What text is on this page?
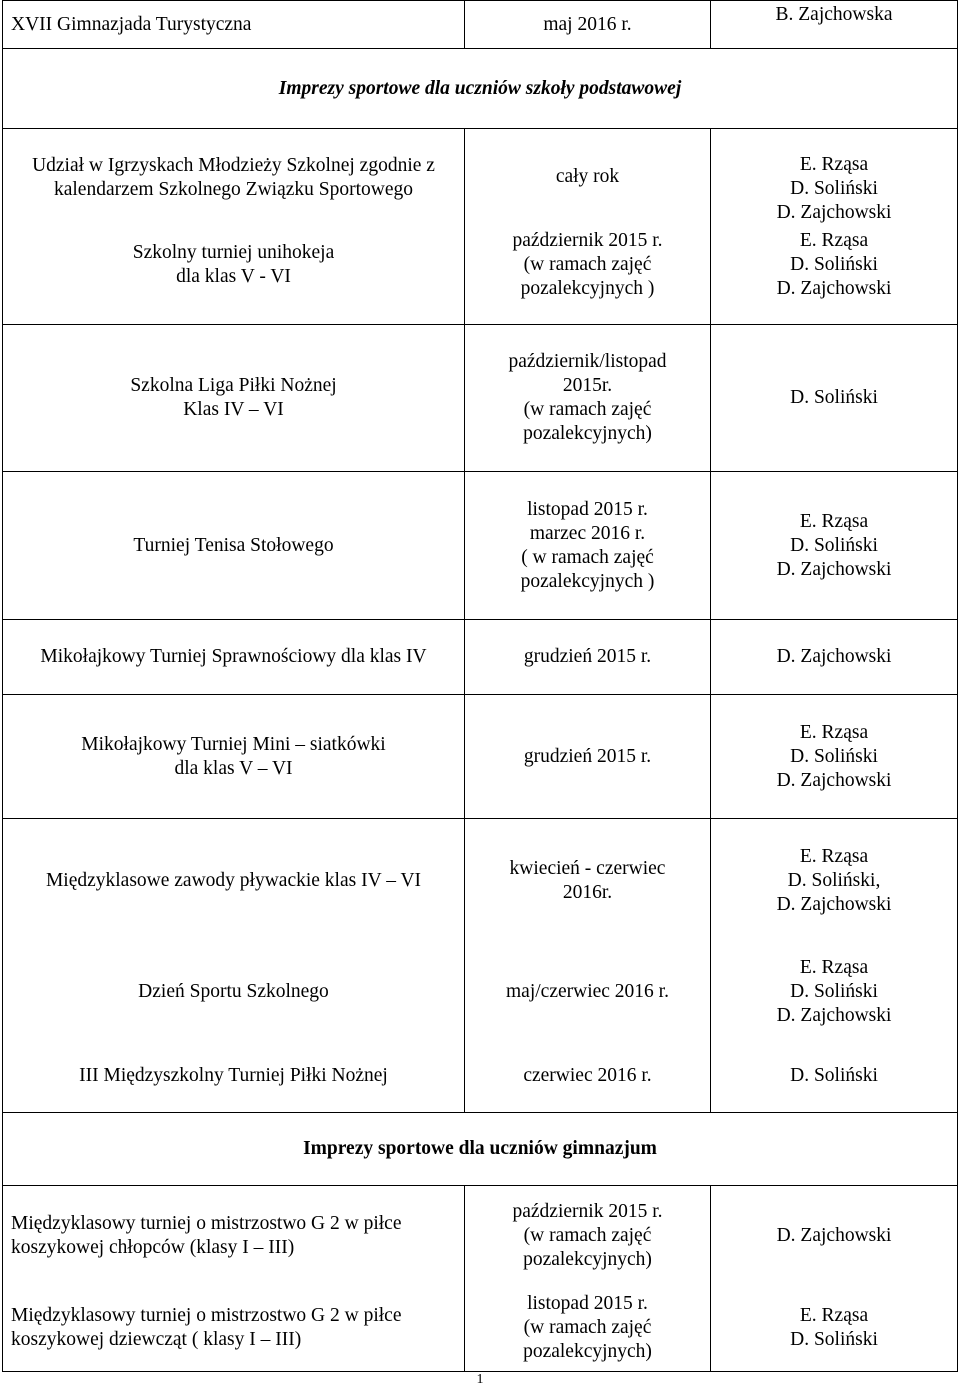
XVII Gimnazjada Turystyczna	maj 2016 r.	B. Zajchowska
Imprezy sportowe dla uczniów szkoły podstawowej		

Udział w Igrzyskach Młodzieży Szkolnej zgodnie z
kalendarzem Szkolnego Związku Sportowego	cały rok	E. Rząsa
D. Soliński
D. Zajchowski

Szkolny turniej unihokeja
dla klas V - VI	październik 2015 r.
(w ramach zajęć
pozalekcyjnych )	E. Rząsa
D. Soliński
D. Zajchowski

Szkolna Liga Piłki Nożnej
Klas IV – VI	październik/listopad
2015r.
(w ramach zajęć
pozalekcyjnych)	D. Soliński

Turniej Tenisa Stołowego	listopad 2015 r.
marzec 2016 r.
( w ramach zajęć
pozalekcyjnych )	E. Rząsa
D. Soliński
D. Zajchowski

Mikołajkowy Turniej Sprawnościowy dla klas IV	grudzień 2015 r.	D. Zajchowski

Mikołajkowy Turniej Mini – siatkówki
dla klas V – VI	grudzień 2015 r.	E. Rząsa
D. Soliński
D. Zajchowski

Międzyklasowe zawody pływackie klas IV – VI	kwiecień - czerwiec
2016r.	E. Rząsa
D. Soliński,
D. Zajchowski

Dzień Sportu Szkolnego	maj/czerwiec 2016 r.	E. Rząsa
D. Soliński
D. Zajchowski

III Międzyszkolny Turniej Piłki Nożnej	czerwiec 2016 r.	D. Soliński

Imprezy sportowe dla uczniów gimnazjum		

Międzyklasowy turniej o mistrzostwo G 2 w piłce
koszykowej chłopców (klasy I – III)	październik 2015 r.
(w ramach zajęć
pozalekcyjnych)	D. Zajchowski

Międzyklasowy turniej o mistrzostwo G 2 w piłce
koszykowej dziewcząt ( klasy I – III)	listopad 2015 r.
(w ramach zajęć
pozalekcyjnych)	E. Rząsa
D. Soliński
1
